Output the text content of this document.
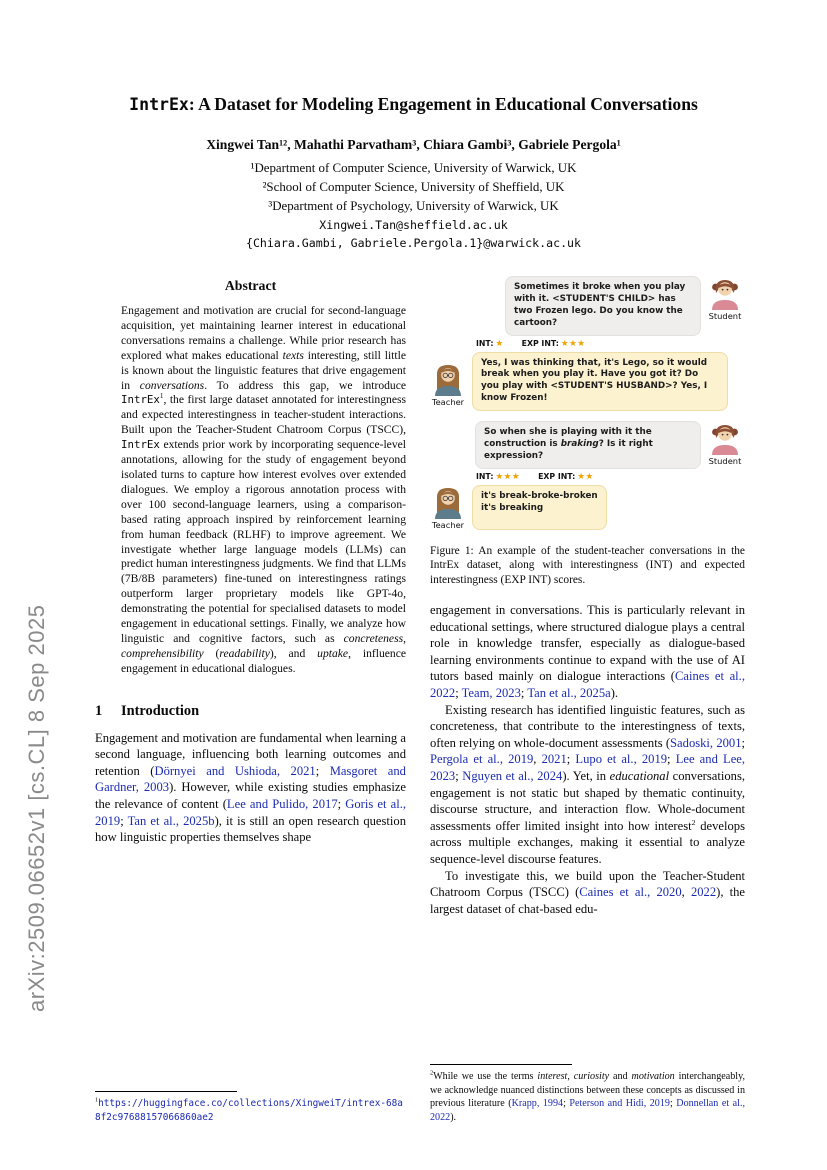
arXiv:2509.06652v1 [cs.CL] 8 Sep 2025
IntrEx: A Dataset for Modeling Engagement in Educational Conversations
Xingwei Tan¹², Mahathi Parvatham³, Chiara Gambi³, Gabriele Pergola¹
¹Department of Computer Science, University of Warwick, UK
²School of Computer Science, University of Sheffield, UK
³Department of Psychology, University of Warwick, UK
Xingwei.Tan@sheffield.ac.uk
{Chiara.Gambi, Gabriele.Pergola.1}@warwick.ac.uk
Abstract

Engagement and motivation are crucial for second-language acquisition, yet maintaining learner interest in educational conversations remains a challenge. While prior research has explored what makes educational texts interesting, still little is known about the linguistic features that drive engagement in conversations. To address this gap, we introduce IntrEx$^1$, the first large dataset annotated for interestingness and expected interestingness in teacher-student interactions. Built upon the Teacher-Student Chatroom Corpus (TSCC), IntrEx extends prior work by incorporating sequence-level annotations, allowing for the study of engagement beyond isolated turns to capture how interest evolves over extended dialogues. We employ a rigorous annotation process with over 100 second-language learners, using a comparison-based rating approach inspired by reinforcement learning from human feedback (RLHF) to improve agreement. We investigate whether large language models (LLMs) can predict human interestingness judgments. We find that LLMs (7B/8B parameters) fine-tuned on interestingness ratings outperform larger proprietary models like GPT-4o, demonstrating the potential for specialised datasets to model engagement in educational settings. Finally, we analyze how linguistic and cognitive factors, such as concreteness, comprehensibility (readability), and uptake, influence engagement in educational dialogues.

1 Introduction

Engagement and motivation are fundamental when learning a second language, influencing both learning outcomes and retention (Dörnyei and Ushioda, 2021; Masgoret and Gardner, 2003). However, while existing studies emphasize the relevance of content (Lee and Pulido, 2017; Goris et al., 2019; Tan et al., 2025b), it is still an open research question how linguistic properties themselves shape

$^1$https://huggingface.co/collections/XingweiT/intrex-68a8f2c97688157066860ae2
Sometimes it broke when you play with it. <STUDENT'S CHILD> has two Frozen lego. Do you know the cartoon?
Student
INT: ★ EXP INT: ★★★
Teacher
Yes, I was thinking that, it's Lego, so it would break when you play it. Have you got it? Do you play with <STUDENT'S HUSBAND>? Yes, I know Frozen!
So when she is playing with it the construction is braking? Is it right expression?
Student
INT: ★★★ EXP INT: ★★
Teacher
it's break-broke-broken
it's breaking
Figure 1: An example of the student-teacher conversations in the IntrEx dataset, along with interestingness (INT) and expected interestingness (EXP INT) scores.

engagement in conversations. This is particularly relevant in educational settings, where structured dialogue plays a central role in knowledge transfer, especially as dialogue-based learning environments continue to expand with the use of AI tutors based mainly on dialogue interactions (Caines et al., 2022; Team, 2023; Tan et al., 2025a).

Existing research has identified linguistic features, such as concreteness, that contribute to the interestingness of texts, often relying on whole-document assessments (Sadoski, 2001; Pergola et al., 2019, 2021; Lupo et al., 2019; Lee and Lee, 2023; Nguyen et al., 2024). Yet, in educational conversations, engagement is not static but shaped by thematic continuity, discourse structure, and interaction flow. Whole-document assessments offer limited insight into how interest$^2$ develops across multiple exchanges, making it essential to analyze sequence-level discourse features.

To investigate this, we build upon the Teacher-Student Chatroom Corpus (TSCC) (Caines et al., 2020, 2022), the largest dataset of chat-based edu-

$^2$While we use the terms interest, curiosity and motivation interchangeably, we acknowledge nuanced distinctions between these concepts as discussed in previous literature (Krapp, 1994; Peterson and Hidi, 2019; Donnellan et al., 2022).
